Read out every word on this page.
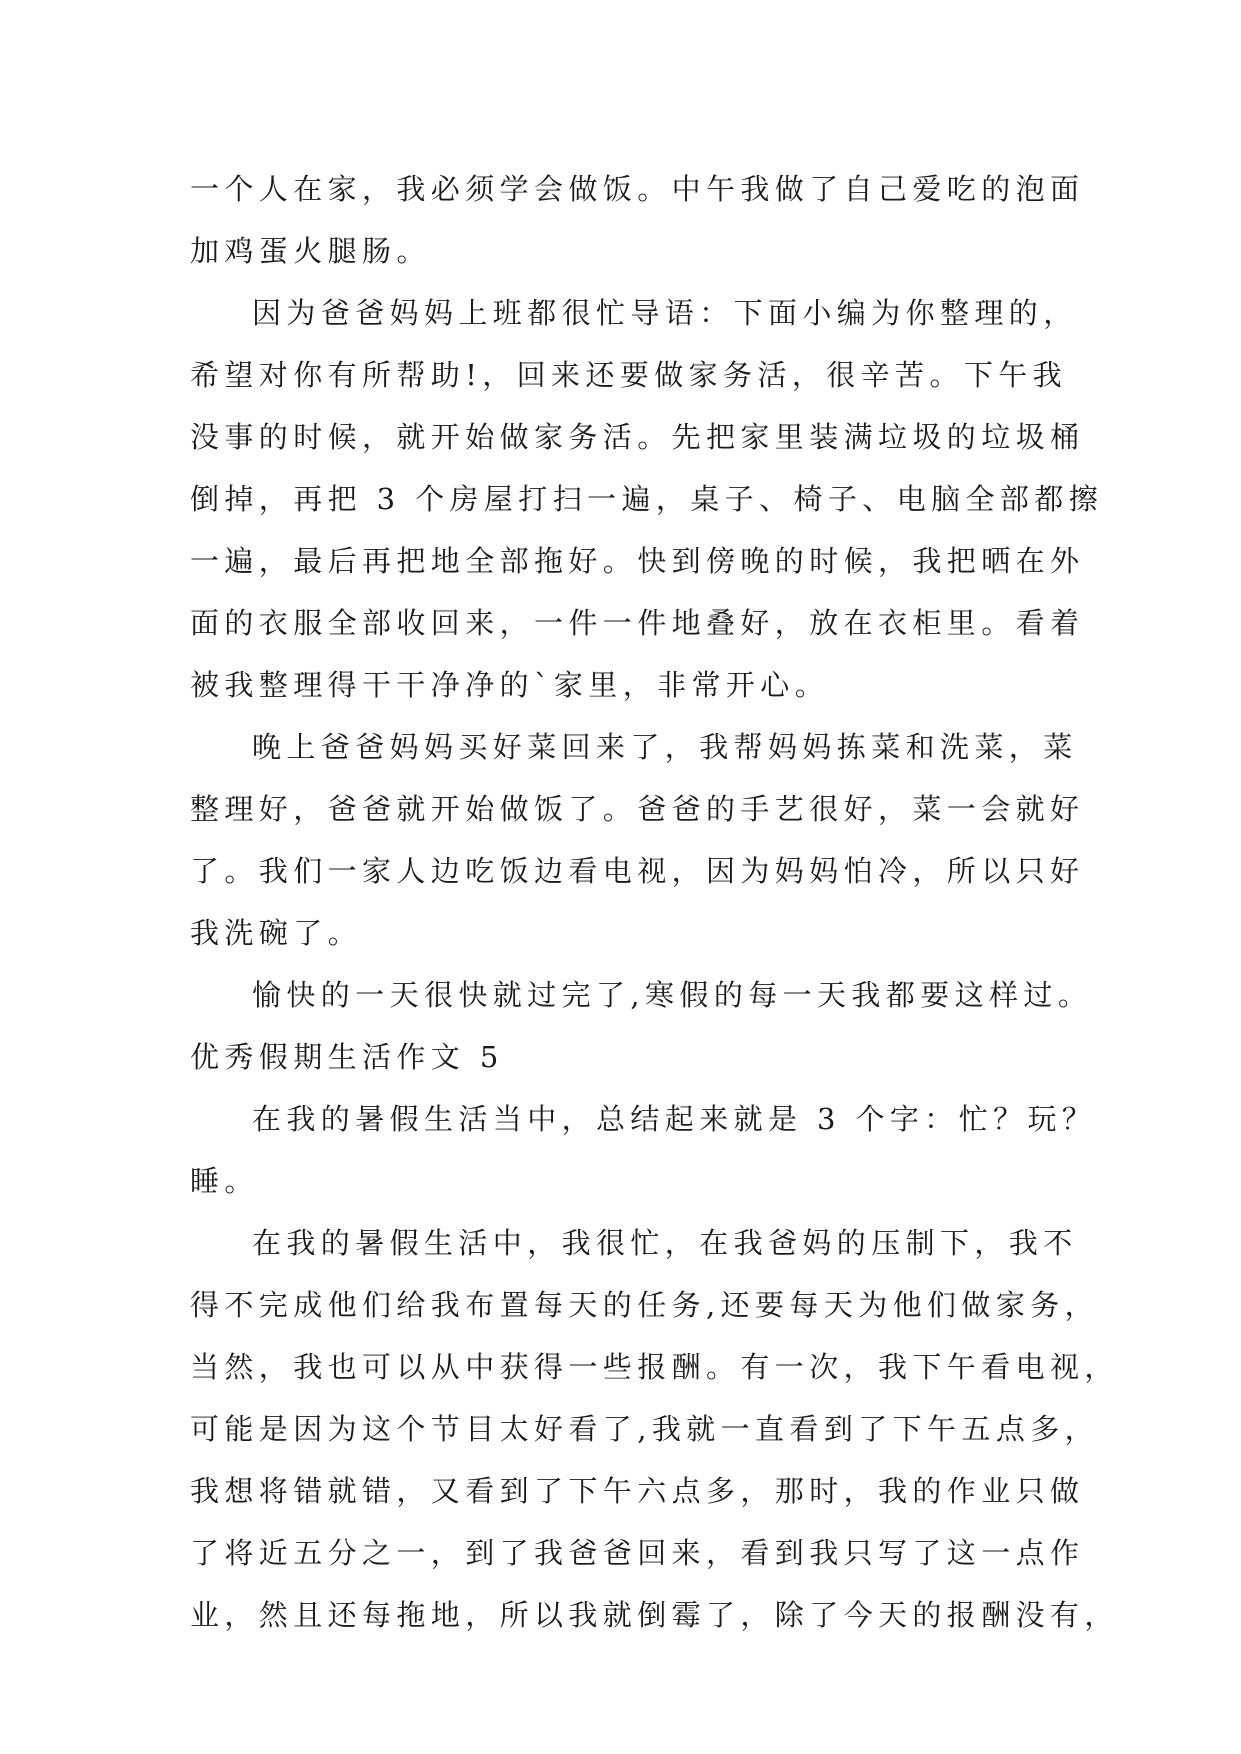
一个人在家，我必须学会做饭。中午我做了自己爱吃的泡面
加鸡蛋火腿肠。
因为爸爸妈妈上班都很忙导语：下面小编为你整理的，
希望对你有所帮助!，回来还要做家务活，很辛苦。下午我
没事的时候，就开始做家务活。先把家里装满垃圾的垃圾桶
倒掉，再把 3 个房屋打扫一遍，桌子、椅子、电脑全部都擦
一遍，最后再把地全部拖好。快到傍晚的时候，我把晒在外
面的衣服全部收回来，一件一件地叠好，放在衣柜里。看着
被我整理得干干净净的`家里，非常开心。
晚上爸爸妈妈买好菜回来了，我帮妈妈拣菜和洗菜，菜
整理好，爸爸就开始做饭了。爸爸的手艺很好，菜一会就好
了。我们一家人边吃饭边看电视，因为妈妈怕冷，所以只好
我洗碗了。
愉快的一天很快就过完了,寒假的每一天我都要这样过。
优秀假期生活作文 5
在我的暑假生活当中，总结起来就是 3 个字：忙？玩？
睡。
在我的暑假生活中，我很忙，在我爸妈的压制下，我不
得不完成他们给我布置每天的任务,还要每天为他们做家务，
当然，我也可以从中获得一些报酬。有一次，我下午看电视，
可能是因为这个节目太好看了,我就一直看到了下午五点多，
我想将错就错，又看到了下午六点多，那时，我的作业只做
了将近五分之一，到了我爸爸回来，看到我只写了这一点作
业，然且还每拖地，所以我就倒霉了，除了今天的报酬没有，
